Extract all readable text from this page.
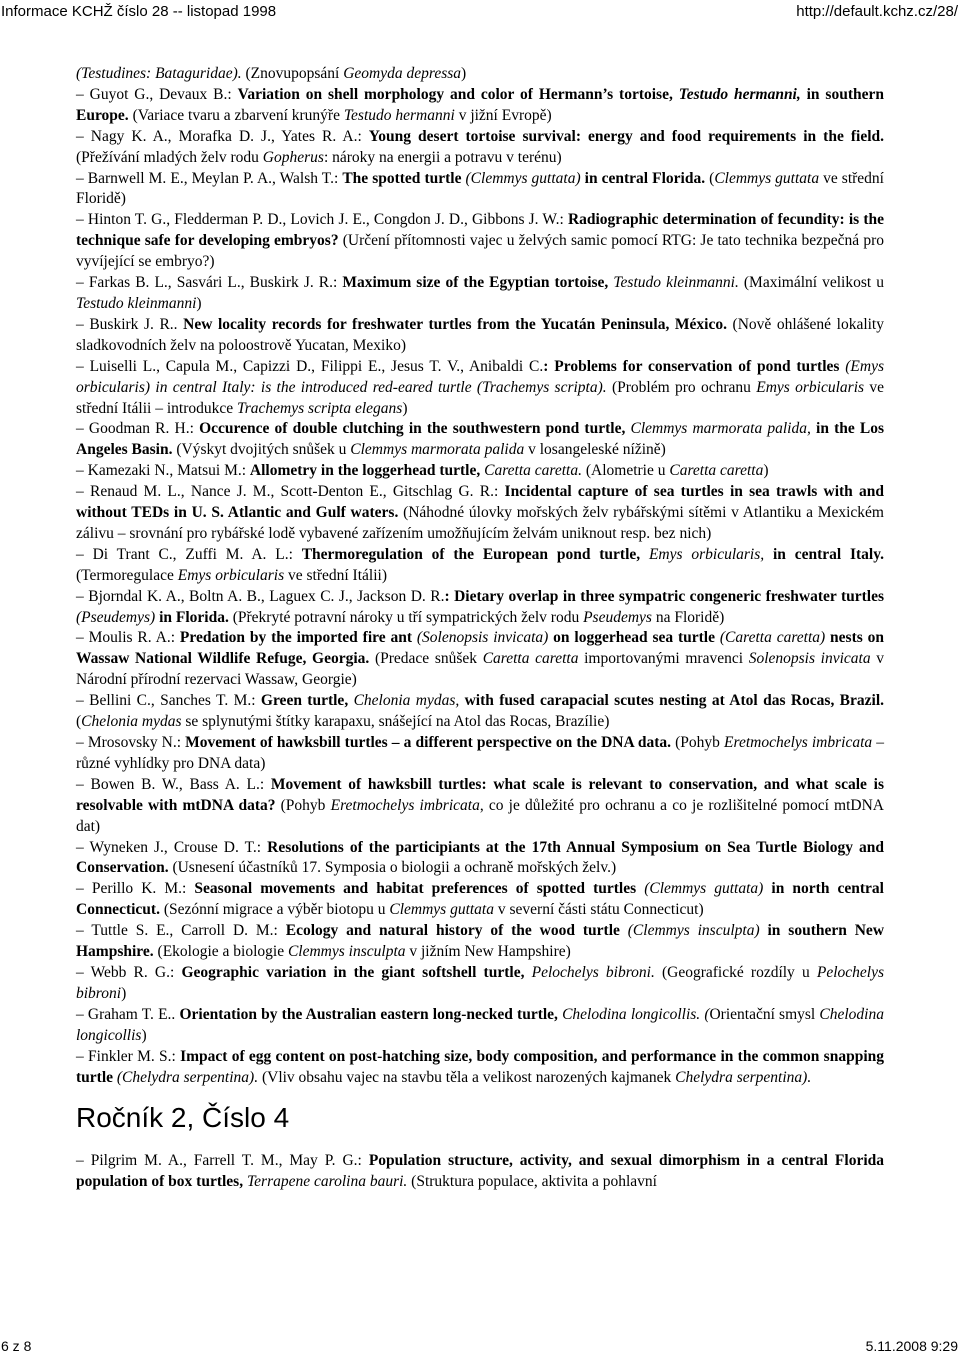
Informace KCHŽ číslo 28 -- listopad 1998	http://default.kchz.cz/28/

(Testudines: Bataguridae). (Znovupopsání Geomyda depressa)

– Guyot G., Devaux B.: Variation on shell morphology and color of Hermann’s tortoise, Testudo hermanni, in southern Europe. (Variace tvaru a zbarvení krunýře Testudo hermanni v jižní Evropě)

– Nagy K. A., Morafka D. J., Yates R. A.: Young desert tortoise survival: energy and food requirements in the field. (Přežívání mladých želv rodu Gopherus: nároky na energii a potravu v terénu)

– Barnwell M. E., Meylan P. A., Walsh T.: The spotted turtle (Clemmys guttata) in central Florida. (Clemmys guttata ve střední Floridě)

– Hinton T. G., Fledderman P. D., Lovich J. E., Congdon J. D., Gibbons J. W.: Radiographic determination of fecundity: is the technique safe for developing embryos? (Určení přítomnosti vajec u želvých samic pomocí RTG: Je tato technika bezpečná pro vyvíjející se embryo?)

– Farkas B. L., Sasvári L., Buskirk J. R.: Maximum size of the Egyptian tortoise, Testudo kleinmanni. (Maximální velikost u Testudo kleinmanni)

– Buskirk J. R.. New locality records for freshwater turtles from the Yucatán Peninsula, México. (Nově ohlášené lokality sladkovodních želv na poloostrově Yucatan, Mexiko)

– Luiselli L., Capula M., Capizzi D., Filippi E., Jesus T. V., Anibaldi C.: Problems for conservation of pond turtles (Emys orbicularis) in central Italy: is the introduced red-eared turtle (Trachemys scripta). (Problém pro ochranu Emys orbicularis ve střední Itálii – introdukce Trachemys scripta elegans)

– Goodman R. H.: Occurence of double clutching in the southwestern pond turtle, Clemmys marmorata palida, in the Los Angeles Basin. (Výskyt dvojitých snůšek u Clemmys marmorata palida v losangeleské nížině)

– Kamezaki N., Matsui M.: Allometry in the loggerhead turtle, Caretta caretta. (Alometrie u Caretta caretta)

– Renaud M. L., Nance J. M., Scott-Denton E., Gitschlag G. R.: Incidental capture of sea turtles in sea trawls with and without TEDs in U. S. Atlantic and Gulf waters. (Náhodné úlovky mořských želv rybářskými sítěmi v Atlantiku a Mexickém zálivu – srovnání pro rybářské lodě vybavené zařízením umožňujícím želvám uniknout resp. bez nich)

– Di Trant C., Zuffi M. A. L.: Thermoregulation of the European pond turtle, Emys orbicularis, in central Italy. (Termoregulace Emys orbicularis ve střední Itálii)

– Bjorndal K. A., Boltn A. B., Laguex C. J., Jackson D. R.: Dietary overlap in three sympatric congeneric freshwater turtles (Pseudemys) in Florida. (Překryté potravní nároky u tří sympatrických želv rodu Pseudemys na Floridě)

– Moulis R. A.: Predation by the imported fire ant (Solenopsis invicata) on loggerhead sea turtle (Caretta caretta) nests on Wassaw National Wildlife Refuge, Georgia. (Predace snůšek Caretta caretta importovanými mravenci Solenopsis invicata v Národní přírodní rezervaci Wassaw, Georgie)

– Bellini C., Sanches T. M.: Green turtle, Chelonia mydas, with fused carapacial scutes nesting at Atol das Rocas, Brazil. (Chelonia mydas se splynutými štítky karapaxu, snášející na Atol das Rocas, Brazílie)

– Mrosovsky N.: Movement of hawksbill turtles – a different perspective on the DNA data. (Pohyb Eretmochelys imbricata – různé vyhlídky pro DNA data)

– Bowen B. W., Bass A. L.: Movement of hawksbill turtles: what scale is relevant to conservation, and what scale is resolvable with mtDNA data? (Pohyb Eretmochelys imbricata, co je důležité pro ochranu a co je rozlišitelné pomocí mtDNA dat)

– Wyneken J., Crouse D. T.: Resolutions of the participiants at the 17th Annual Symposium on Sea Turtle Biology and Conservation. (Usnesení účastníků 17. Symposia o biologii a ochraně mořských želv.)

– Perillo K. M.: Seasonal movements and habitat preferences of spotted turtles (Clemmys guttata) in north central Connecticut. (Sezónní migrace a výběr biotopu u Clemmys guttata v severní části státu Connecticut)

– Tuttle S. E., Carroll D. M.: Ecology and natural history of the wood turtle (Clemmys insculpta) in southern New Hampshire. (Ekologie a biologie Clemmys insculpta v jižním New Hampshire)

– Webb R. G.: Geographic variation in the giant softshell turtle, Pelochelys bibroni. (Geografické rozdíly u Pelochelys bibroni)

– Graham T. E.. Orientation by the Australian eastern long-necked turtle, Chelodina longicollis. (Orientační smysl Chelodina longicollis)

– Finkler M. S.: Impact of egg content on post-hatching size, body composition, and performance in the common snapping turtle (Chelydra serpentina). (Vliv obsahu vajec na stavbu těla a velikost narozených kajmanek Chelydra serpentina).

Ročník 2, Číslo 4

– Pilgrim M. A., Farrell T. M., May P. G.: Population structure, activity, and sexual dimorphism in a central Florida population of box turtles, Terrapene carolina bauri. (Struktura populace, aktivita a pohlavní

6 z 8	5.11.2008 9:29
